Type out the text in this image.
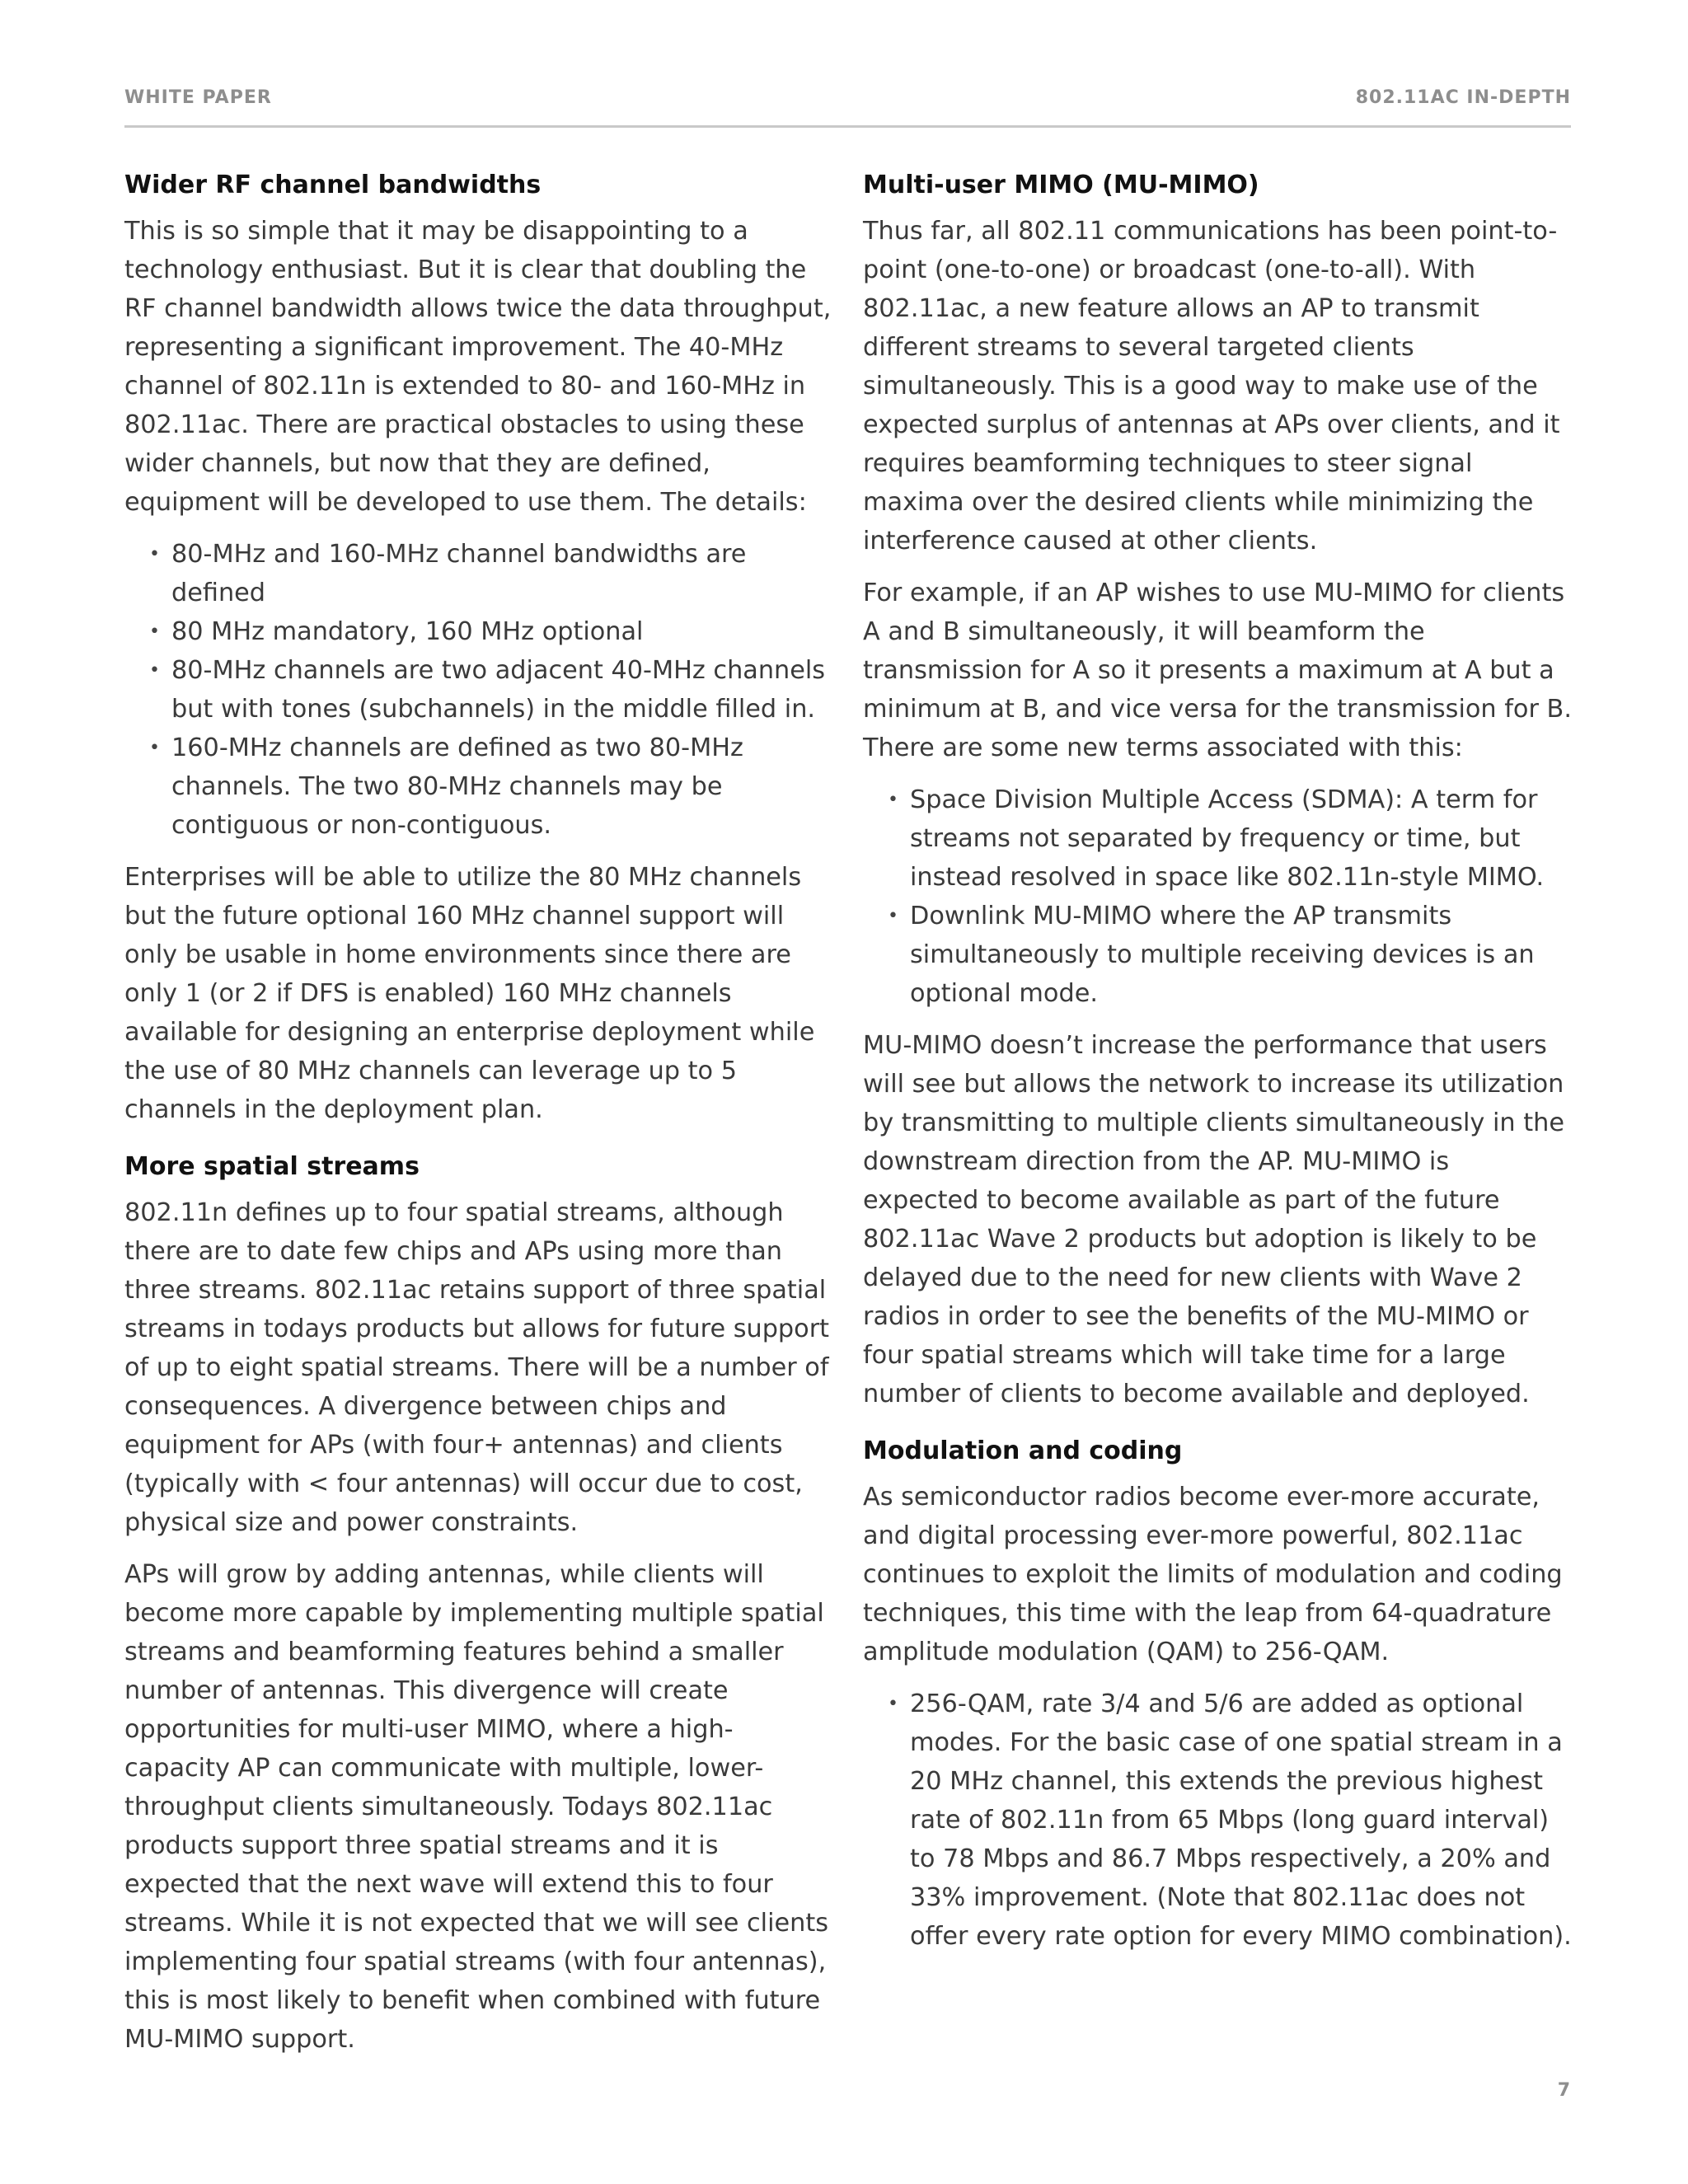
WHITE PAPER	802.11AC IN-DEPTH
Wider RF channel bandwidths

This is so simple that it may be disappointing to a technology enthusiast. But it is clear that doubling the RF channel bandwidth allows twice the data throughput, representing a significant improvement. The 40-MHz channel of 802.11n is extended to 80- and 160-MHz in 802.11ac. There are practical obstacles to using these wider channels, but now that they are defined, equipment will be developed to use them. The details:

• 80-MHz and 160-MHz channel bandwidths are defined
• 80 MHz mandatory, 160 MHz optional
• 80-MHz channels are two adjacent 40-MHz channels but with tones (subchannels) in the middle filled in.
• 160-MHz channels are defined as two 80-MHz channels. The two 80-MHz channels may be contiguous or non-contiguous.

Enterprises will be able to utilize the 80 MHz channels but the future optional 160 MHz channel support will only be usable in home environments since there are only 1 (or 2 if DFS is enabled) 160 MHz channels available for designing an enterprise deployment while the use of 80 MHz channels can leverage up to 5 channels in the deployment plan.

More spatial streams

802.11n defines up to four spatial streams, although there are to date few chips and APs using more than three streams. 802.11ac retains support of three spatial streams in todays products but allows for future support of up to eight spatial streams. There will be a number of consequences. A divergence between chips and equipment for APs (with four+ antennas) and clients (typically with < four antennas) will occur due to cost, physical size and power constraints.

APs will grow by adding antennas, while clients will become more capable by implementing multiple spatial streams and beamforming features behind a smaller number of antennas. This divergence will create opportunities for multi-user MIMO, where a high-capacity AP can communicate with multiple, lower-throughput clients simultaneously. Todays 802.11ac products support three spatial streams and it is expected that the next wave will extend this to four streams. While it is not expected that we will see clients implementing four spatial streams (with four antennas), this is most likely to benefit when combined with future MU-MIMO support.

Multi-user MIMO (MU-MIMO)

Thus far, all 802.11 communications has been point-to-point (one-to-one) or broadcast (one-to-all). With 802.11ac, a new feature allows an AP to transmit different streams to several targeted clients simultaneously. This is a good way to make use of the expected surplus of antennas at APs over clients, and it requires beamforming techniques to steer signal maxima over the desired clients while minimizing the interference caused at other clients.

For example, if an AP wishes to use MU-MIMO for clients A and B simultaneously, it will beamform the transmission for A so it presents a maximum at A but a minimum at B, and vice versa for the transmission for B. There are some new terms associated with this:

• Space Division Multiple Access (SDMA): A term for streams not separated by frequency or time, but instead resolved in space like 802.11n-style MIMO.
• Downlink MU-MIMO where the AP transmits simultaneously to multiple receiving devices is an optional mode.

MU-MIMO doesn’t increase the performance that users will see but allows the network to increase its utilization by transmitting to multiple clients simultaneously in the downstream direction from the AP. MU-MIMO is expected to become available as part of the future 802.11ac Wave 2 products but adoption is likely to be delayed due to the need for new clients with Wave 2 radios in order to see the benefits of the MU-MIMO or four spatial streams which will take time for a large number of clients to become available and deployed.

Modulation and coding

As semiconductor radios become ever-more accurate, and digital processing ever-more powerful, 802.11ac continues to exploit the limits of modulation and coding techniques, this time with the leap from 64-quadrature amplitude modulation (QAM) to 256-QAM.

• 256-QAM, rate 3/4 and 5/6 are added as optional modes. For the basic case of one spatial stream in a 20 MHz channel, this extends the previous highest rate of 802.11n from 65 Mbps (long guard interval) to 78 Mbps and 86.7 Mbps respectively, a 20% and 33% improvement. (Note that 802.11ac does not offer every rate option for every MIMO combination).
7
